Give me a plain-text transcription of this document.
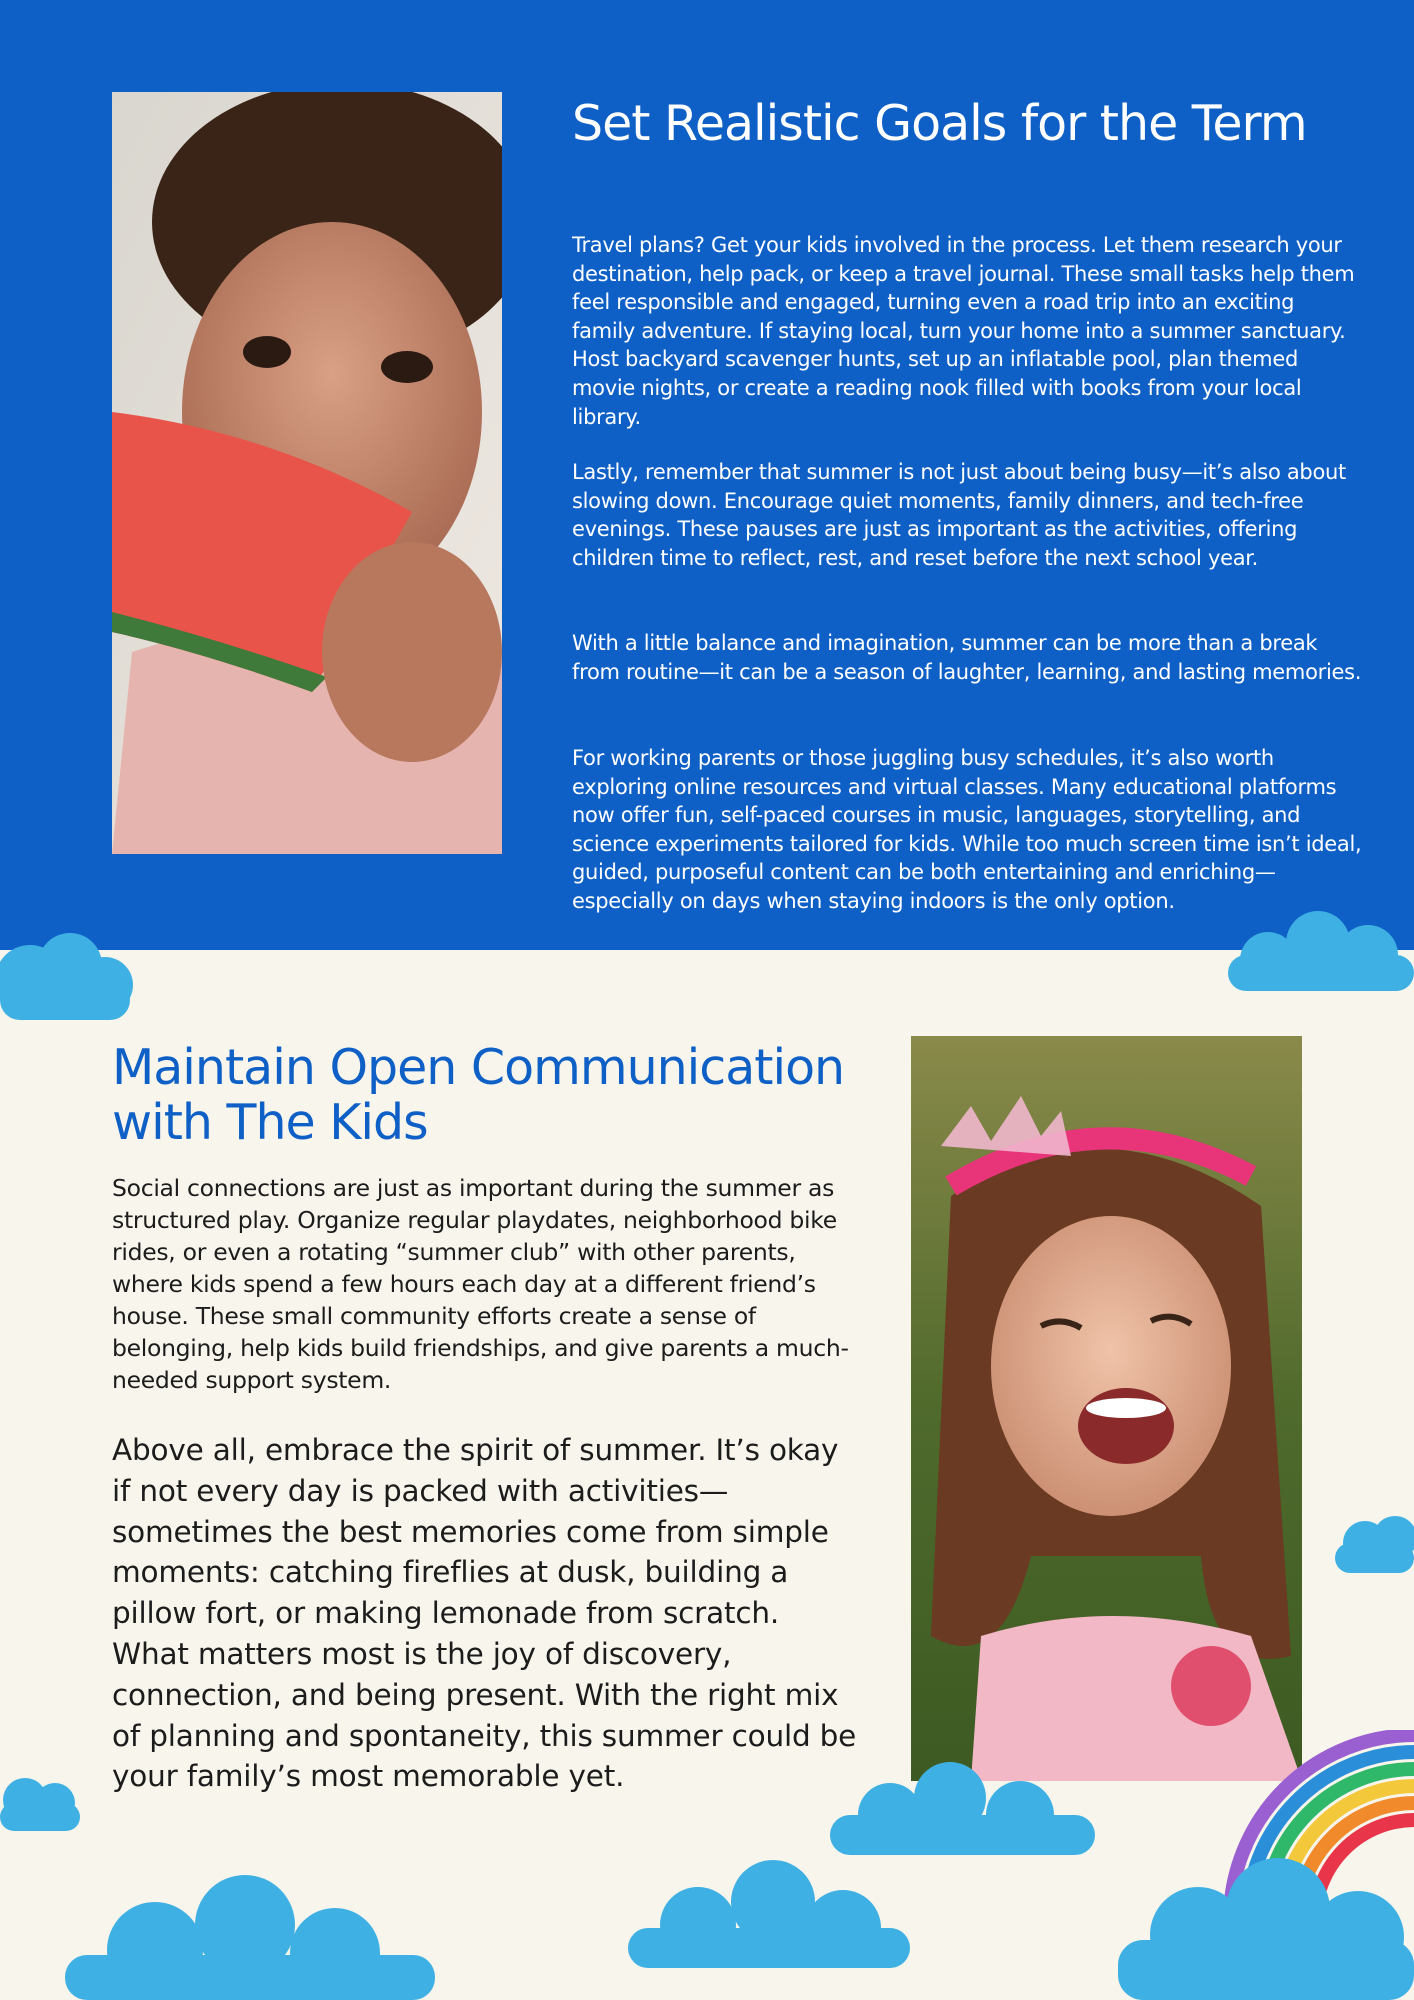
Set Realistic Goals for the Term

Travel plans? Get your kids involved in the process. Let them research your destination, help pack, or keep a travel journal. These small tasks help them feel responsible and engaged, turning even a road trip into an exciting family adventure. If staying local, turn your home into a summer sanctuary. Host backyard scavenger hunts, set up an inflatable pool, plan themed movie nights, or create a reading nook filled with books from your local library.

Lastly, remember that summer is not just about being busy—it’s also about slowing down. Encourage quiet moments, family dinners, and tech-free evenings. These pauses are just as important as the activities, offering children time to reflect, rest, and reset before the next school year.

With a little balance and imagination, summer can be more than a break from routine—it can be a season of laughter, learning, and lasting memories.

For working parents or those juggling busy schedules, it’s also worth exploring online resources and virtual classes. Many educational platforms now offer fun, self-paced courses in music, languages, storytelling, and science experiments tailored for kids. While too much screen time isn’t ideal, guided, purposeful content can be both entertaining and enriching—especially on days when staying indoors is the only option.

Maintain Open Communication with The Kids

Social connections are just as important during the summer as structured play. Organize regular playdates, neighborhood bike rides, or even a rotating “summer club” with other parents, where kids spend a few hours each day at a different friend’s house. These small community efforts create a sense of belonging, help kids build friendships, and give parents a much-needed support system.

Above all, embrace the spirit of summer. It’s okay if not every day is packed with activities—sometimes the best memories come from simple moments: catching fireflies at dusk, building a pillow fort, or making lemonade from scratch. What matters most is the joy of discovery, connection, and being present. With the right mix of planning and spontaneity, this summer could be your family’s most memorable yet.
